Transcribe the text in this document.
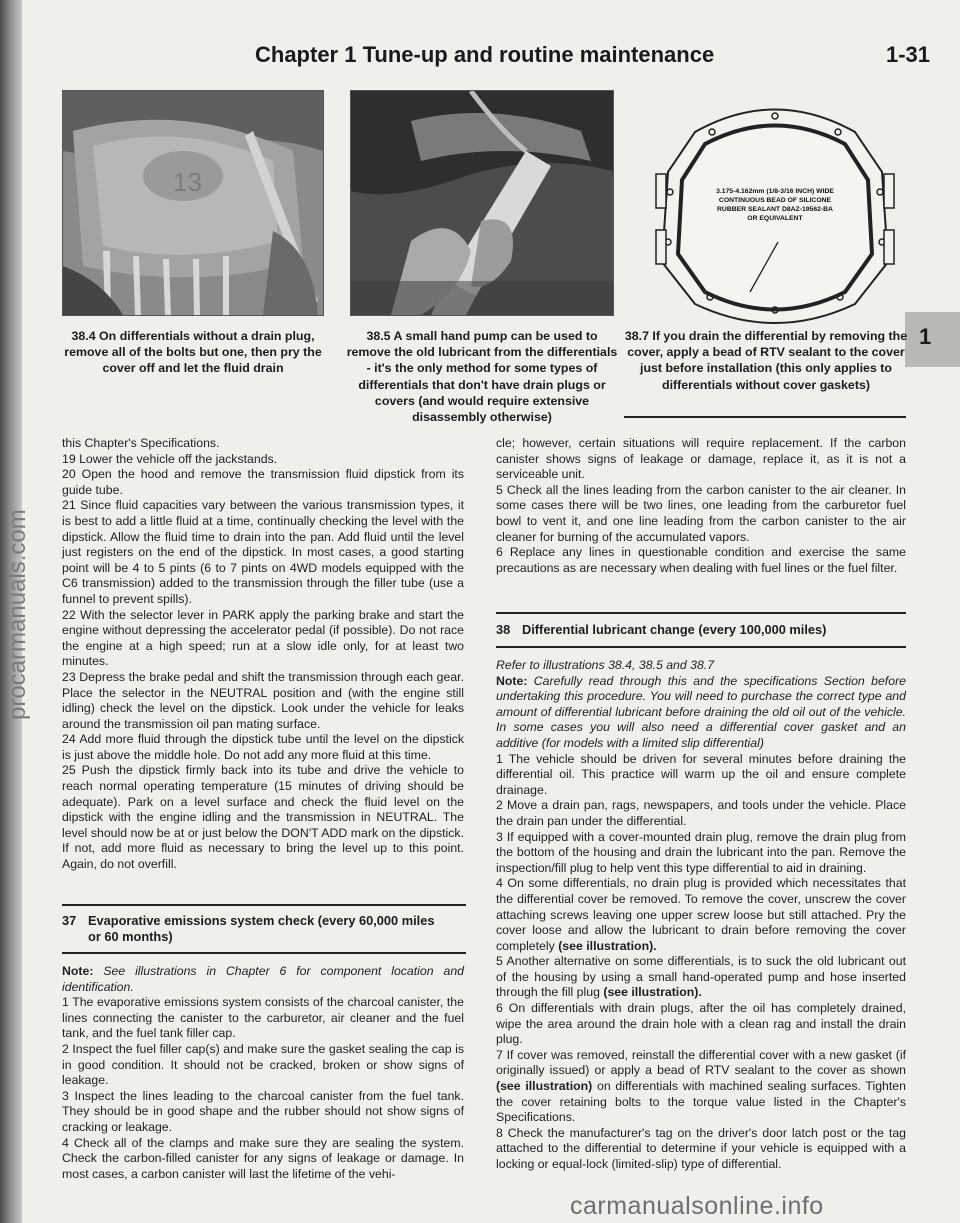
procarmanuals.com
Chapter 1 Tune-up and routine maintenance	1-31
1
13	3.175-4.162mm (1/8-3/16 INCH) WIDE
CONTINUOUS BEAD OF SILICONE
RUBBER SEALANT D8AZ-19562-BA
OR EQUIVALENT
38.4 On differentials without a drain plug, remove all of the bolts but one, then pry the cover off and let the fluid drain
38.5 A small hand pump can be used to remove the old lubricant from the differentials - it's the only method for some types of differentials that don't have drain plugs or covers (and would require extensive disassembly otherwise)
38.7 If you drain the differential by removing the cover, apply a bead of RTV sealant to the cover just before installation (this only applies to differentials without cover gaskets)

this Chapter's Specifications.

19 Lower the vehicle off the jackstands.

20 Open the hood and remove the transmission fluid dipstick from its guide tube.

21 Since fluid capacities vary between the various transmission types, it is best to add a little fluid at a time, continually checking the level with the dipstick. Allow the fluid time to drain into the pan. Add fluid until the level just registers on the end of the dipstick. In most cases, a good starting point will be 4 to 5 pints (6 to 7 pints on 4WD models equipped with the C6 transmission) added to the transmission through the filler tube (use a funnel to prevent spills).

22 With the selector lever in PARK apply the parking brake and start the engine without depressing the accelerator pedal (if possible). Do not race the engine at a high speed; run at a slow idle only, for at least two minutes.

23 Depress the brake pedal and shift the transmission through each gear. Place the selector in the NEUTRAL position and (with the engine still idling) check the level on the dipstick. Look under the vehicle for leaks around the transmission oil pan mating surface.

24 Add more fluid through the dipstick tube until the level on the dipstick is just above the middle hole. Do not add any more fluid at this time.

25 Push the dipstick firmly back into its tube and drive the vehicle to reach normal operating temperature (15 minutes of driving should be adequate). Park on a level surface and check the fluid level on the dipstick with the engine idling and the transmission in NEUTRAL. The level should now be at or just below the DON'T ADD mark on the dipstick. If not, add more fluid as necessary to bring the level up to this point. Again, do not overfill.

37 Evaporative emissions system check (every 60,000 miles
or 60 months)

Note: See illustrations in Chapter 6 for component location and identification.

1 The evaporative emissions system consists of the charcoal canister, the lines connecting the canister to the carburetor, air cleaner and the fuel tank, and the fuel tank filler cap.

2 Inspect the fuel filler cap(s) and make sure the gasket sealing the cap is in good condition. It should not be cracked, broken or show signs of leakage.

3 Inspect the lines leading to the charcoal canister from the fuel tank. They should be in good shape and the rubber should not show signs of cracking or leakage.

4 Check all of the clamps and make sure they are sealing the system. Check the carbon-filled canister for any signs of leakage or damage. In most cases, a carbon canister will last the lifetime of the vehi-

cle; however, certain situations will require replacement. If the carbon canister shows signs of leakage or damage, replace it, as it is not a serviceable unit.

5 Check all the lines leading from the carbon canister to the air cleaner. In some cases there will be two lines, one leading from the carburetor fuel bowl to vent it, and one line leading from the carbon canister to the air cleaner for burning of the accumulated vapors.

6 Replace any lines in questionable condition and exercise the same precautions as are necessary when dealing with fuel lines or the fuel filter.

38 Differential lubricant change (every 100,000 miles)

Refer to illustrations 38.4, 38.5 and 38.7

Note: Carefully read through this and the specifications Section before undertaking this procedure. You will need to purchase the correct type and amount of differential lubricant before draining the old oil out of the vehicle. In some cases you will also need a differential cover gasket and an additive (for models with a limited slip differential)

1 The vehicle should be driven for several minutes before draining the differential oil. This practice will warm up the oil and ensure complete drainage.

2 Move a drain pan, rags, newspapers, and tools under the vehicle. Place the drain pan under the differential.

3 If equipped with a cover-mounted drain plug, remove the drain plug from the bottom of the housing and drain the lubricant into the pan. Remove the inspection/fill plug to help vent this type differential to aid in draining.

4 On some differentials, no drain plug is provided which necessitates that the differential cover be removed. To remove the cover, unscrew the cover attaching screws leaving one upper screw loose but still attached. Pry the cover loose and allow the lubricant to drain before removing the cover completely (see illustration).

5 Another alternative on some differentials, is to suck the old lubricant out of the housing by using a small hand-operated pump and hose inserted through the fill plug (see illustration).

6 On differentials with drain plugs, after the oil has completely drained, wipe the area around the drain hole with a clean rag and install the drain plug.

7 If cover was removed, reinstall the differential cover with a new gasket (if originally issued) or apply a bead of RTV sealant to the cover as shown (see illustration) on differentials with machined sealing surfaces. Tighten the cover retaining bolts to the torque value listed in the Chapter's Specifications.

8 Check the manufacturer's tag on the driver's door latch post or the tag attached to the differential to determine if your vehicle is equipped with a locking or equal-lock (limited-slip) type of differential.

carmanualsonline.info
